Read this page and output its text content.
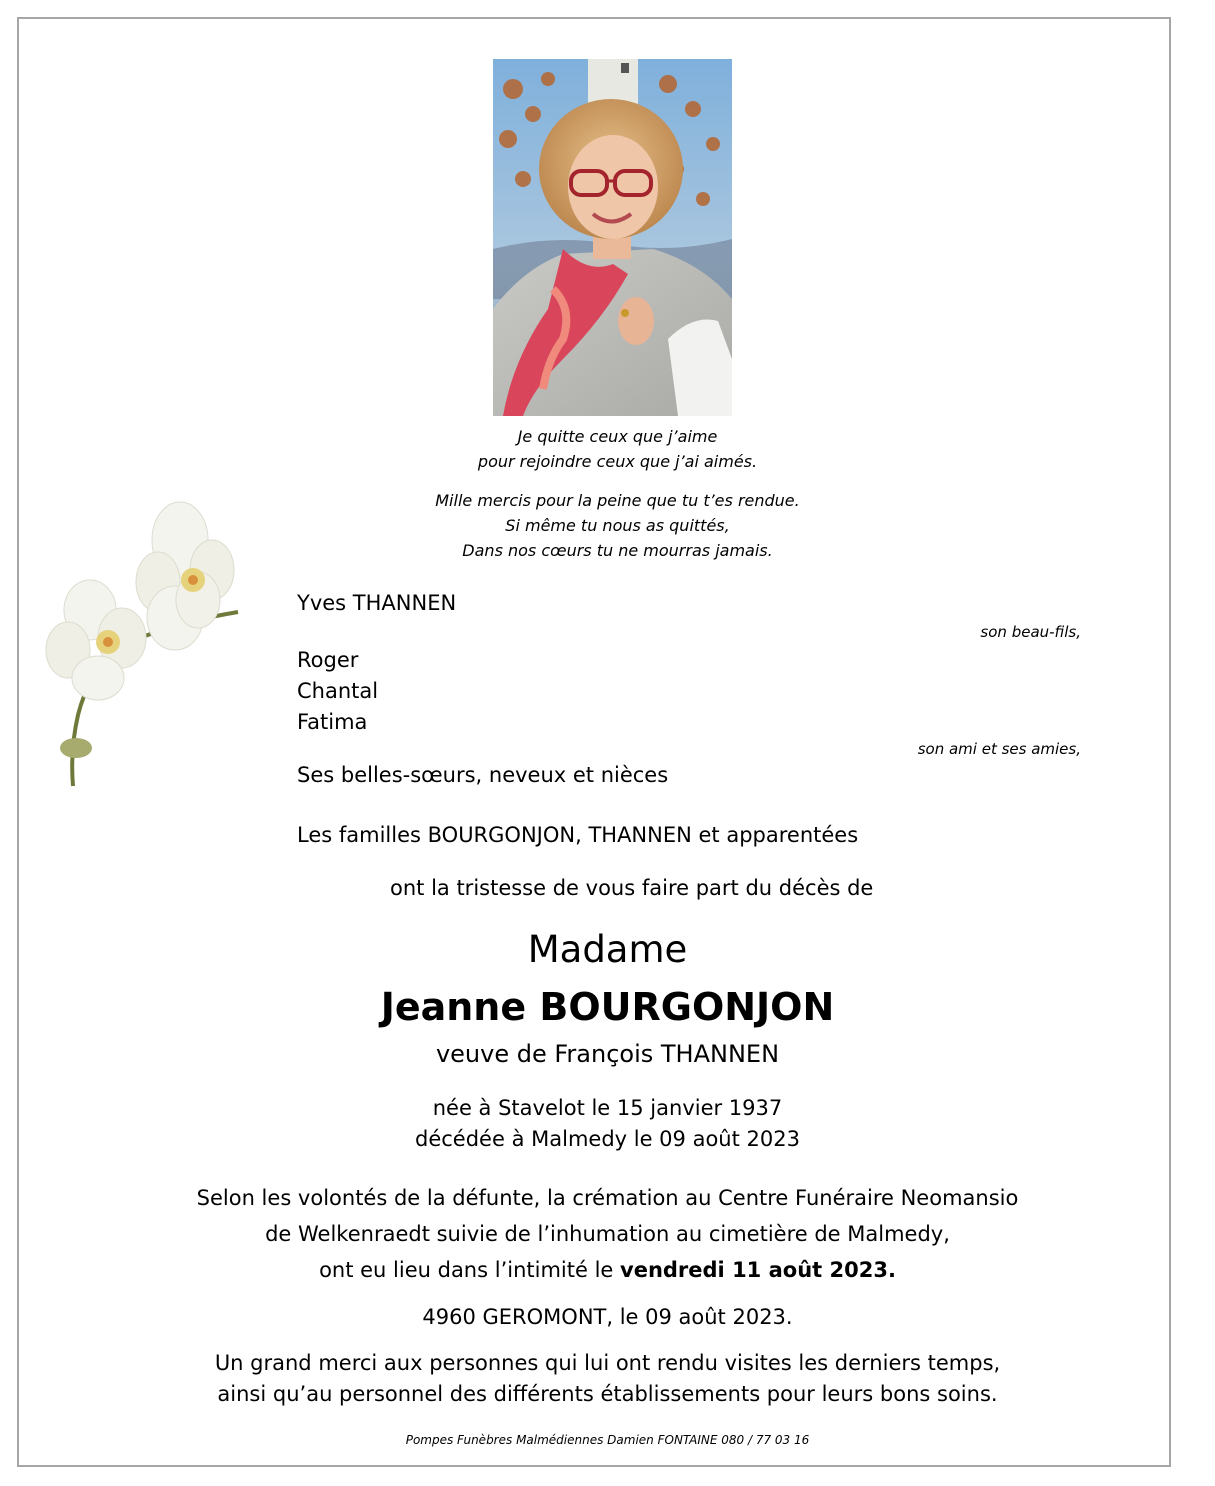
Je quitte ceux que j’aime
pour rejoindre ceux que j’ai aimés.
Mille mercis pour la peine que tu t’es rendue.
Si même tu nous as quittés,
Dans nos cœurs tu ne mourras jamais.
Yves THANNEN
son beau-fils,
Roger
Chantal
Fatima
son ami et ses amies,
Ses belles-sœurs, neveux et nièces
Les familles BOURGONJON, THANNEN et apparentées
ont la tristesse de vous faire part du décès de
Madame
Jeanne BOURGONJON
veuve de François THANNEN
née à Stavelot le 15 janvier 1937
décédée à Malmedy le 09 août 2023
Selon les volontés de la défunte, la crémation au Centre Funéraire Neomansio
de Welkenraedt suivie de l’inhumation au cimetière de Malmedy,
ont eu lieu dans l’intimité le vendredi 11 août 2023.
4960 GEROMONT, le 09 août 2023.
Un grand merci aux personnes qui lui ont rendu visites les derniers temps,
ainsi qu’au personnel des différents établissements pour leurs bons soins.
Pompes Funèbres Malmédiennes Damien FONTAINE 080 / 77 03 16
